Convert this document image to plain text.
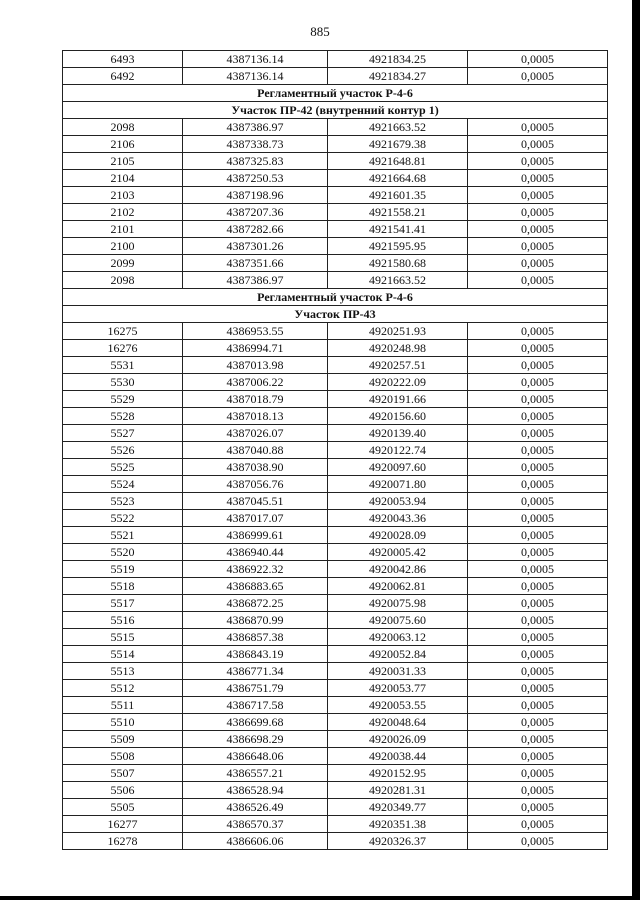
885
6493	4387136.14	4921834.25	0,0005
6492	4387136.14	4921834.27	0,0005
Регламентный участок Р-4-6			
Участок ПР-42 (внутренний контур 1)			
2098	4387386.97	4921663.52	0,0005
2106	4387338.73	4921679.38	0,0005
2105	4387325.83	4921648.81	0,0005
2104	4387250.53	4921664.68	0,0005
2103	4387198.96	4921601.35	0,0005
2102	4387207.36	4921558.21	0,0005
2101	4387282.66	4921541.41	0,0005
2100	4387301.26	4921595.95	0,0005
2099	4387351.66	4921580.68	0,0005
2098	4387386.97	4921663.52	0,0005
Регламентный участок Р-4-6			
Участок ПР-43			
16275	4386953.55	4920251.93	0,0005
16276	4386994.71	4920248.98	0,0005
5531	4387013.98	4920257.51	0,0005
5530	4387006.22	4920222.09	0,0005
5529	4387018.79	4920191.66	0,0005
5528	4387018.13	4920156.60	0,0005
5527	4387026.07	4920139.40	0,0005
5526	4387040.88	4920122.74	0,0005
5525	4387038.90	4920097.60	0,0005
5524	4387056.76	4920071.80	0,0005
5523	4387045.51	4920053.94	0,0005
5522	4387017.07	4920043.36	0,0005
5521	4386999.61	4920028.09	0,0005
5520	4386940.44	4920005.42	0,0005
5519	4386922.32	4920042.86	0,0005
5518	4386883.65	4920062.81	0,0005
5517	4386872.25	4920075.98	0,0005
5516	4386870.99	4920075.60	0,0005
5515	4386857.38	4920063.12	0,0005
5514	4386843.19	4920052.84	0,0005
5513	4386771.34	4920031.33	0,0005
5512	4386751.79	4920053.77	0,0005
5511	4386717.58	4920053.55	0,0005
5510	4386699.68	4920048.64	0,0005
5509	4386698.29	4920026.09	0,0005
5508	4386648.06	4920038.44	0,0005
5507	4386557.21	4920152.95	0,0005
5506	4386528.94	4920281.31	0,0005
5505	4386526.49	4920349.77	0,0005
16277	4386570.37	4920351.38	0,0005
16278	4386606.06	4920326.37	0,0005
